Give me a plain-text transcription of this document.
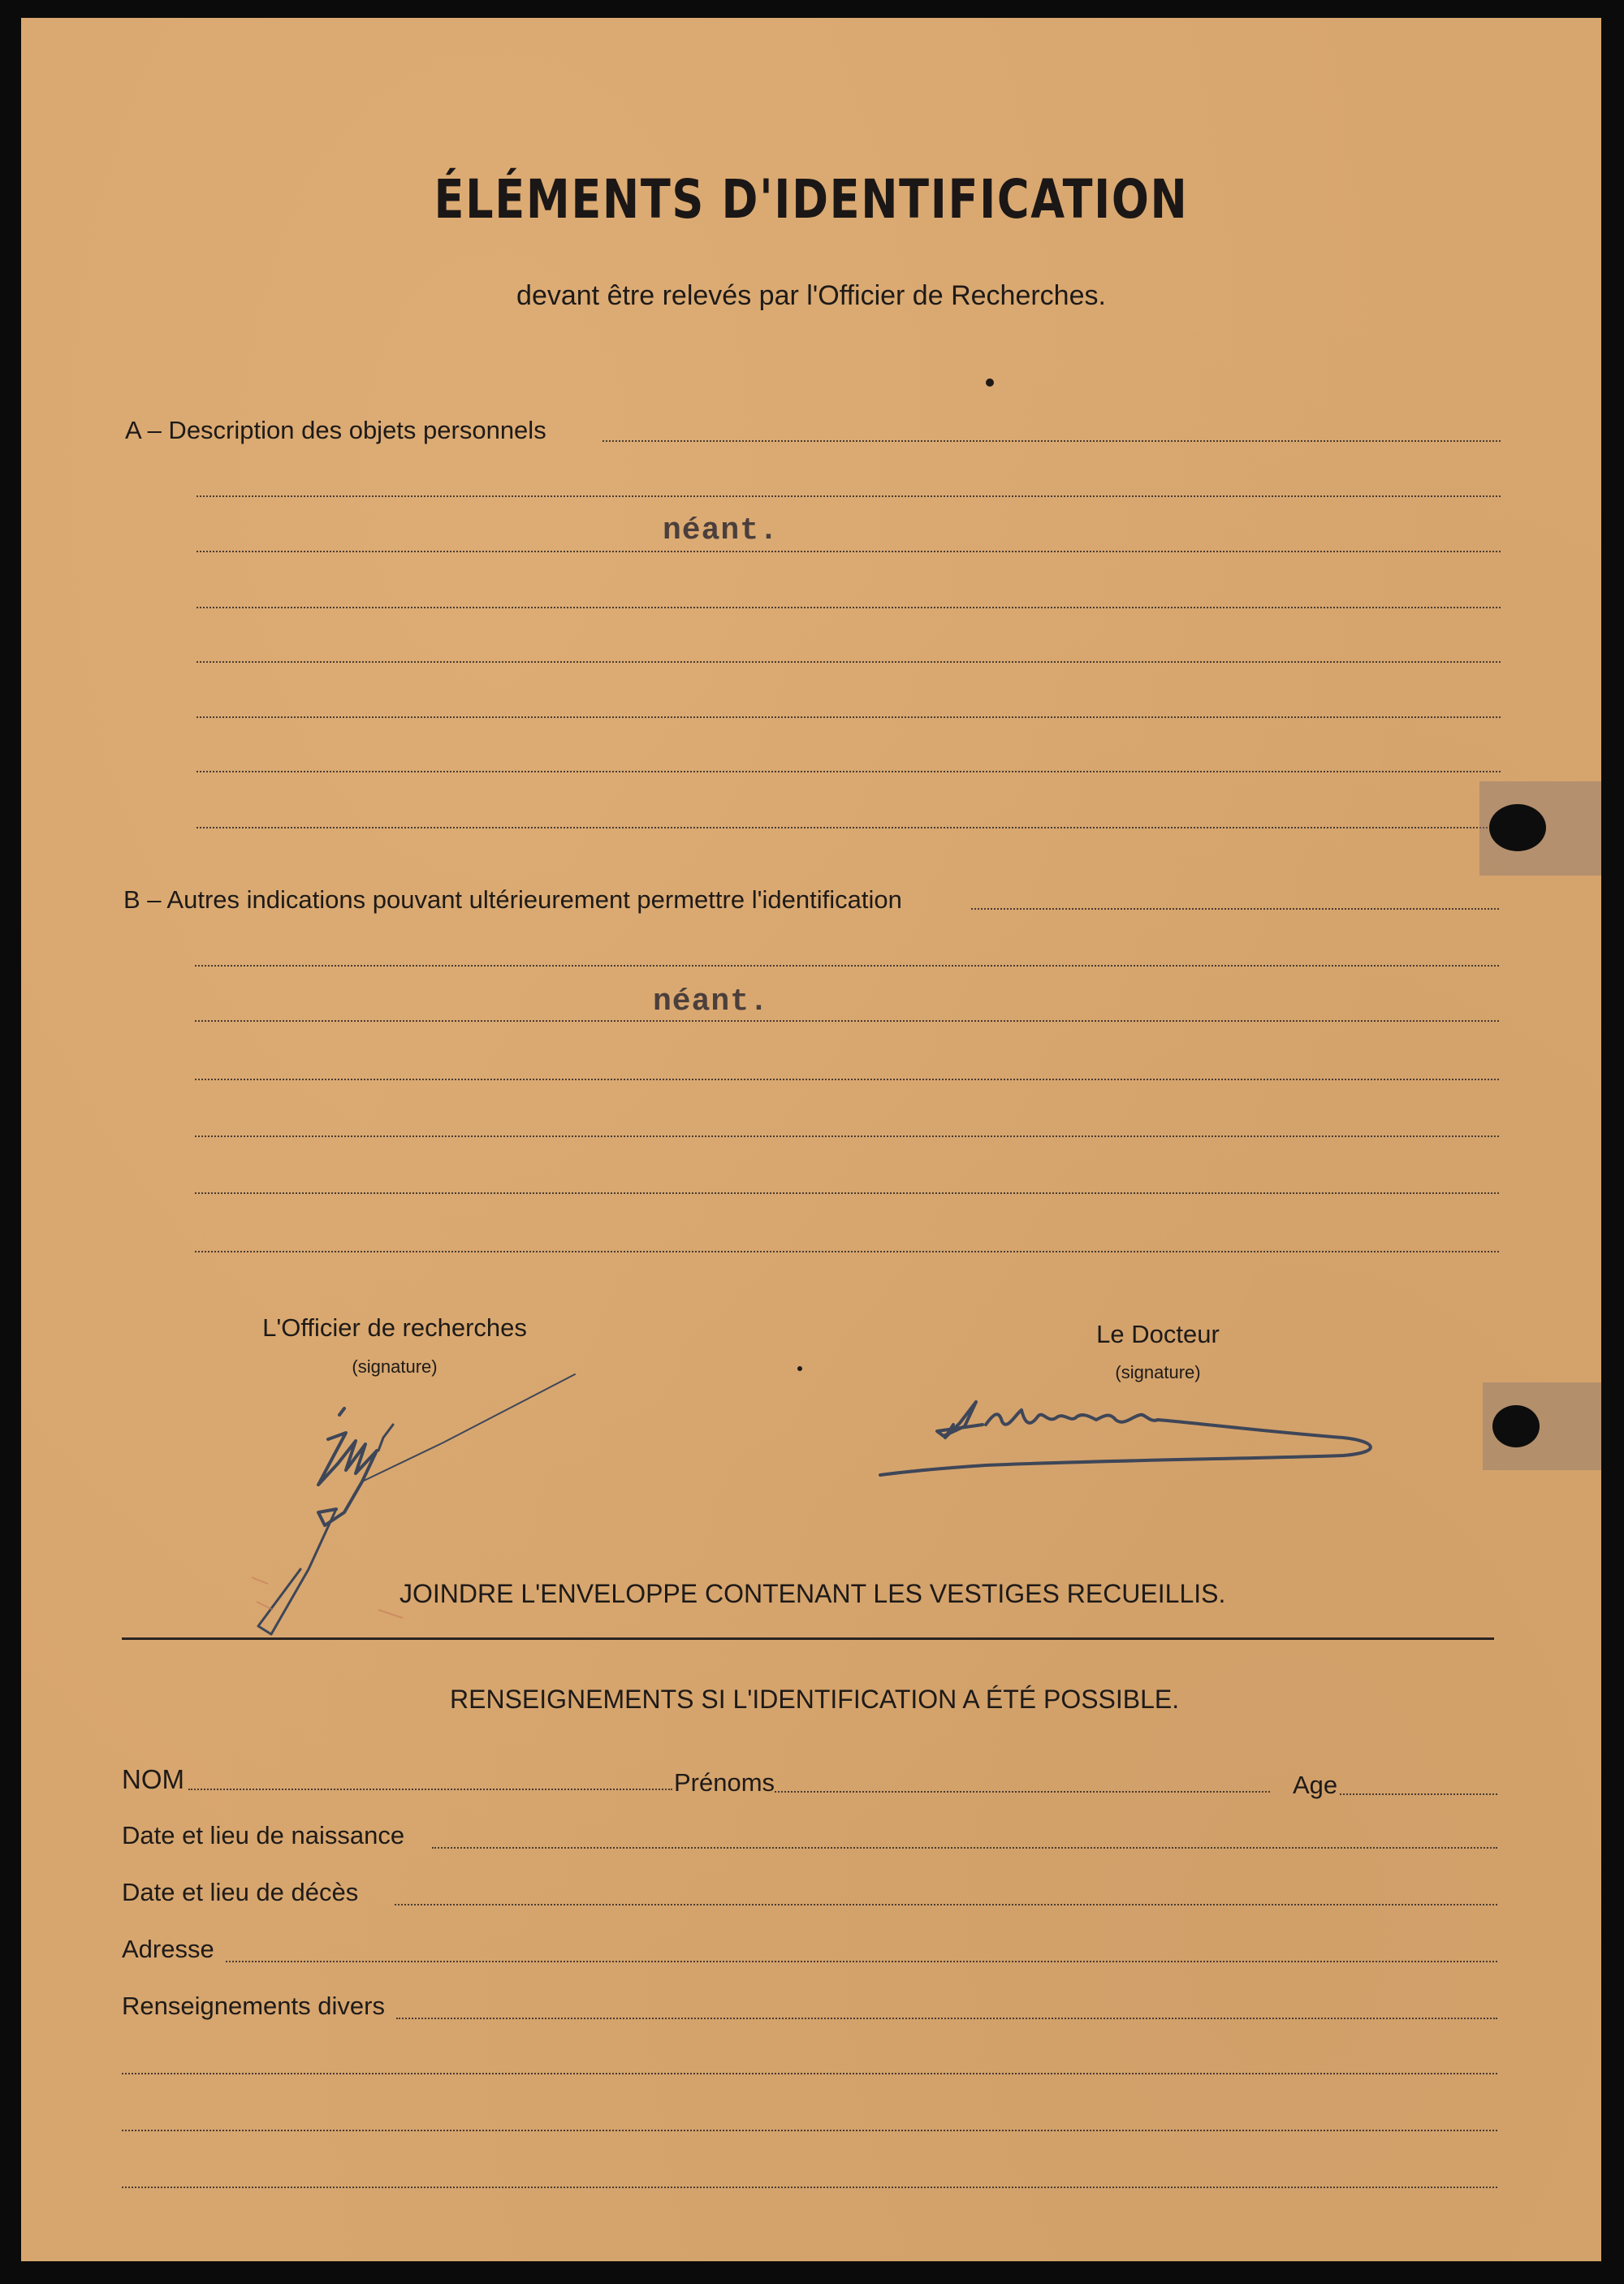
ÉLÉMENTS D'IDENTIFICATION
devant être relevés par l'Officier de Recherches.
A – Description des objets personnels
néant.
B – Autres indications pouvant ultérieurement permettre l'identification
néant.
L'Officier de recherches
(signature)
Le Docteur
(signature)
JOINDRE L'ENVELOPPE CONTENANT LES VESTIGES RECUEILLIS.
RENSEIGNEMENTS SI L'IDENTIFICATION A ÉTÉ POSSIBLE.
NOM	Prénoms	Age
Date et lieu de naissance
Date et lieu de décès
Adresse
Renseignements divers
